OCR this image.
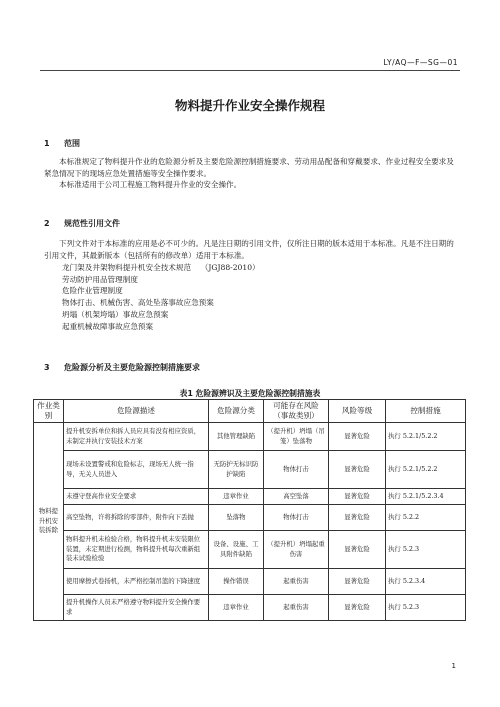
LY/AQ—F—SG—01
物料提升作业安全操作规程
1 范围

本标准规定了物料提升作业的危险源分析及主要危险源控制措施要求、劳动用品配备和穿戴要求、作业过程安全要求及紧急情况下的现场应急处置措施等安全操作要求。

本标准适用于公司工程施工物料提升作业的安全操作。

2 规范性引用文件

下列文件对于本标准的应用是必不可少的。凡是注日期的引用文件，仅所注日期的版本适用于本标准。凡是不注日期的引用文件，其最新版本（包括所有的修改单）适用于本标准。

龙门架及井架物料提升机安全技术规范    （JGJ88-2010）
劳动防护用品管理制度
危险作业管理制度
物体打击、机械伤害、高处坠落事故应急预案
坍塌（机架垮塌）事故应急预案
起重机械故障事故应急预案
3 危险源分析及主要危险源控制措施要求
表1 危险源辨识及主要危险源控制措施表
作业类别	危险源描述	危险源分类	可能存在风险（事故类别）	风险等级	控制措施
物料提升机安装拆除	提升机安拆单位和拆人员应具有没有相应资质，未制定并执行安装技术方案	其他管理缺陷	（提升机）坍塌（吊笼）坠落物	显著危险	执行 5.2.1/5.2.2
	现场未设置警戒和危险标志，现场无人统一指导，无关人员进入	无防护无标识防护缺陷	物体打击	显著危险	执行 5.2.1/5.2.2
	未遵守登高作业安全要求	违章作业	高空坠落	显著危险	执行 5.2.1/5.2.3.4
	高空坠物，许将拆除的零部件，附件向下丢抛	坠落物	物体打击	显著危险	执行 5.2.2
	物料提升机未检验合格，物料提升机未安装限位装置，未定期进行检测，物料提升机每次重新组装未试验检验	设备、设施、工具附件缺陷	（提升机）坍塌起重伤害	显著危险	执行 5.2.3
	使用摩擦式卷扬机，未严格控制吊篮的下降速度	操作错误	起重伤害	显著危险	执行 5.2.3.4
	提升机操作人员未严格遵守物料提升安全操作要求	违章作业	起重伤害	显著危险	执行 5.2.3
1
